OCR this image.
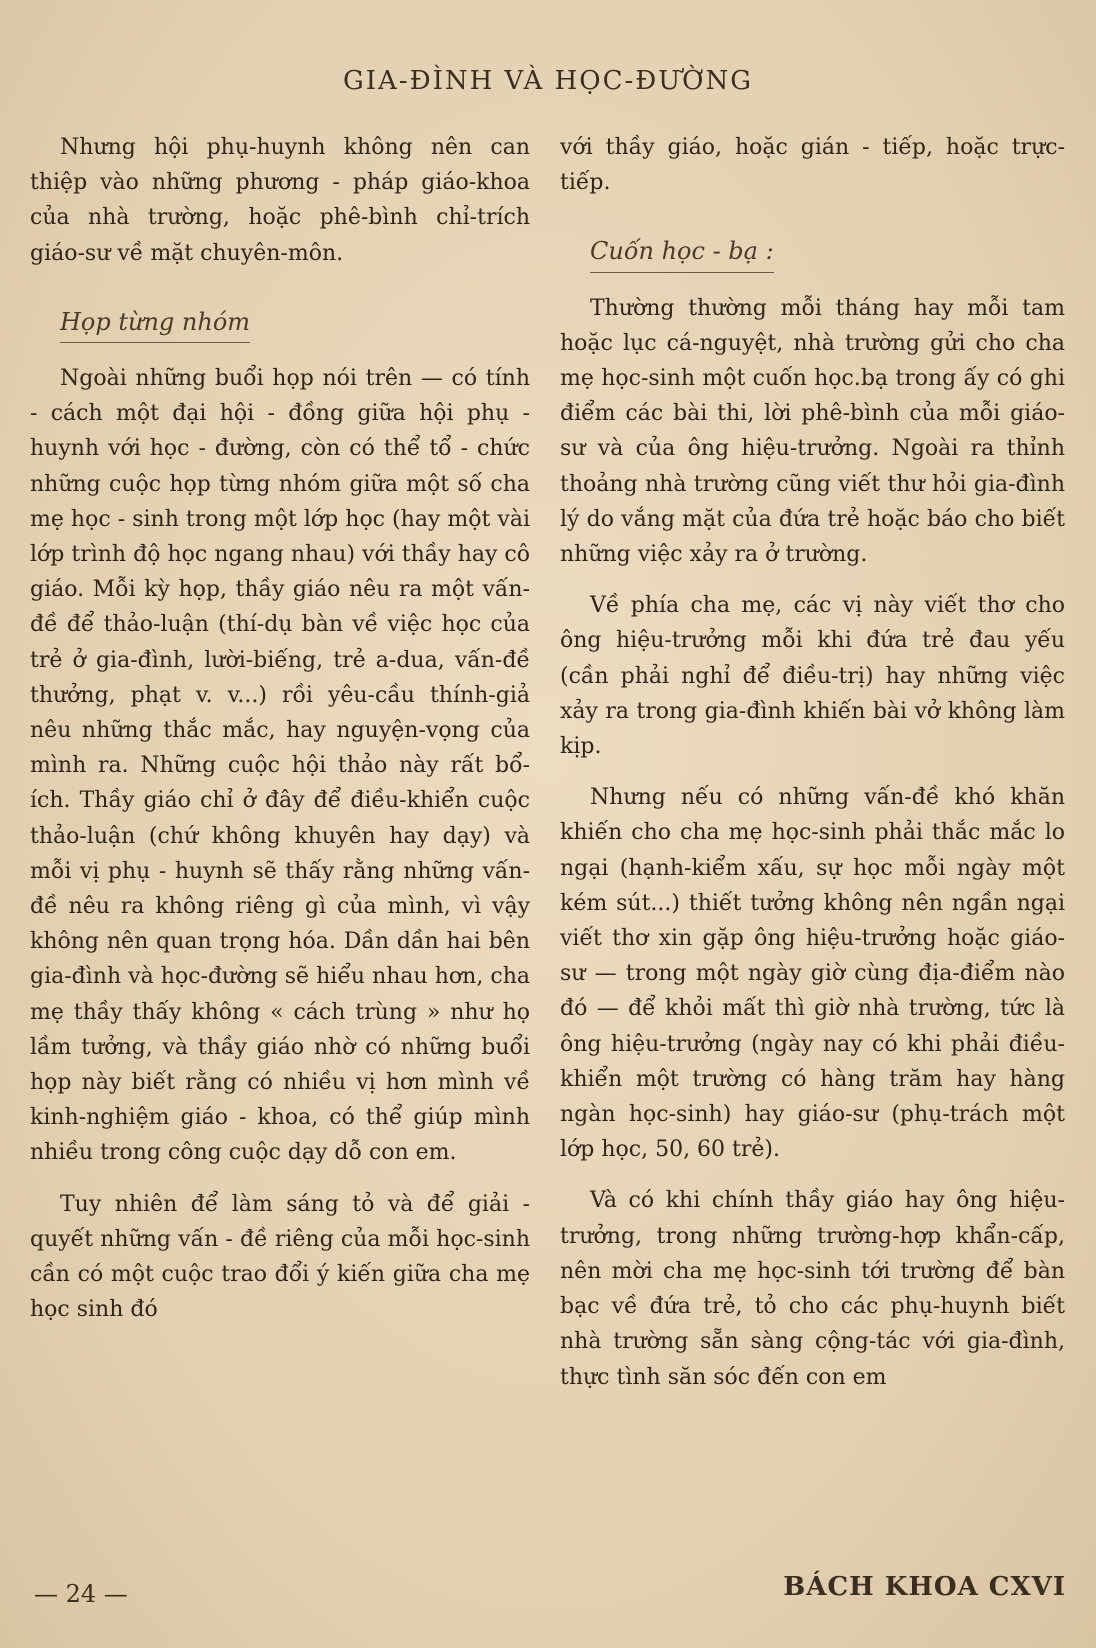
GIA-ĐÌNH VÀ HỌC-ĐƯỜNG

Nhưng hội phụ-huynh không nên can thiệp vào những phương - pháp giáo-khoa của nhà trường, hoặc phê-bình chỉ-trích giáo-sư về mặt chuyên-môn.

Họp từng nhóm

Ngoài những buổi họp nói trên — có tính - cách một đại hội - đồng giữa hội phụ - huynh với học - đường, còn có thể tổ - chức những cuộc họp từng nhóm giữa một số cha mẹ học - sinh trong một lớp học (hay một vài lớp trình độ học ngang nhau) với thầy hay cô giáo. Mỗi kỳ họp, thầy giáo nêu ra một vấn-đề để thảo-luận (thí-dụ bàn về việc học của trẻ ở gia-đình, lười-biếng, trẻ a-dua, vấn-đề thưởng, phạt v. v...) rồi yêu-cầu thính-giả nêu những thắc mắc, hay nguyện-vọng của mình ra. Những cuộc hội thảo này rất bổ-ích. Thầy giáo chỉ ở đây để điều-khiển cuộc thảo-luận (chứ không khuyên hay dạy) và mỗi vị phụ - huynh sẽ thấy rằng những vấn-đề nêu ra không riêng gì của mình, vì vậy không nên quan trọng hóa. Dần dần hai bên gia-đình và học-đường sẽ hiểu nhau hơn, cha mẹ thầy thấy không « cách trùng » như họ lầm tưởng, và thầy giáo nhờ có những buổi họp này biết rằng có nhiều vị hơn mình về kinh-nghiệm giáo - khoa, có thể giúp mình nhiều trong công cuộc dạy dỗ con em.

Tuy nhiên để làm sáng tỏ và để giải - quyết những vấn - đề riêng của mỗi học-sinh cần có một cuộc trao đổi ý kiến giữa cha mẹ học sinh đó

với thầy giáo, hoặc gián - tiếp, hoặc trực-tiếp.

Cuốn học - bạ :

Thường thường mỗi tháng hay mỗi tam hoặc lục cá-nguyệt, nhà trường gửi cho cha mẹ học-sinh một cuốn học.bạ trong ấy có ghi điểm các bài thi, lời phê-bình của mỗi giáo-sư và của ông hiệu-trưởng. Ngoài ra thỉnh thoảng nhà trường cũng viết thư hỏi gia-đình lý do vắng mặt của đứa trẻ hoặc báo cho biết những việc xảy ra ở trường.

Về phía cha mẹ, các vị này viết thơ cho ông hiệu-trưởng mỗi khi đứa trẻ đau yếu (cần phải nghỉ để điều-trị) hay những việc xảy ra trong gia-đình khiến bài vở không làm kịp.

Nhưng nếu có những vấn-đề khó khăn khiến cho cha mẹ học-sinh phải thắc mắc lo ngại (hạnh-kiểm xấu, sự học mỗi ngày một kém sút...) thiết tưởng không nên ngần ngại viết thơ xin gặp ông hiệu-trưởng hoặc giáo-sư — trong một ngày giờ cùng địa-điểm nào đó — để khỏi mất thì giờ nhà trường, tức là ông hiệu-trưởng (ngày nay có khi phải điều-khiển một trường có hàng trăm hay hàng ngàn học-sinh) hay giáo-sư (phụ-trách một lớp học, 50, 60 trẻ).

Và có khi chính thầy giáo hay ông hiệu-trưởng, trong những trường-hợp khẩn-cấp, nên mời cha mẹ học-sinh tới trường để bàn bạc về đứa trẻ, tỏ cho các phụ-huynh biết nhà trường sẵn sàng cộng-tác với gia-đình, thực tình săn sóc đến con em

— 24 —	BÁCH KHOA CXVI
